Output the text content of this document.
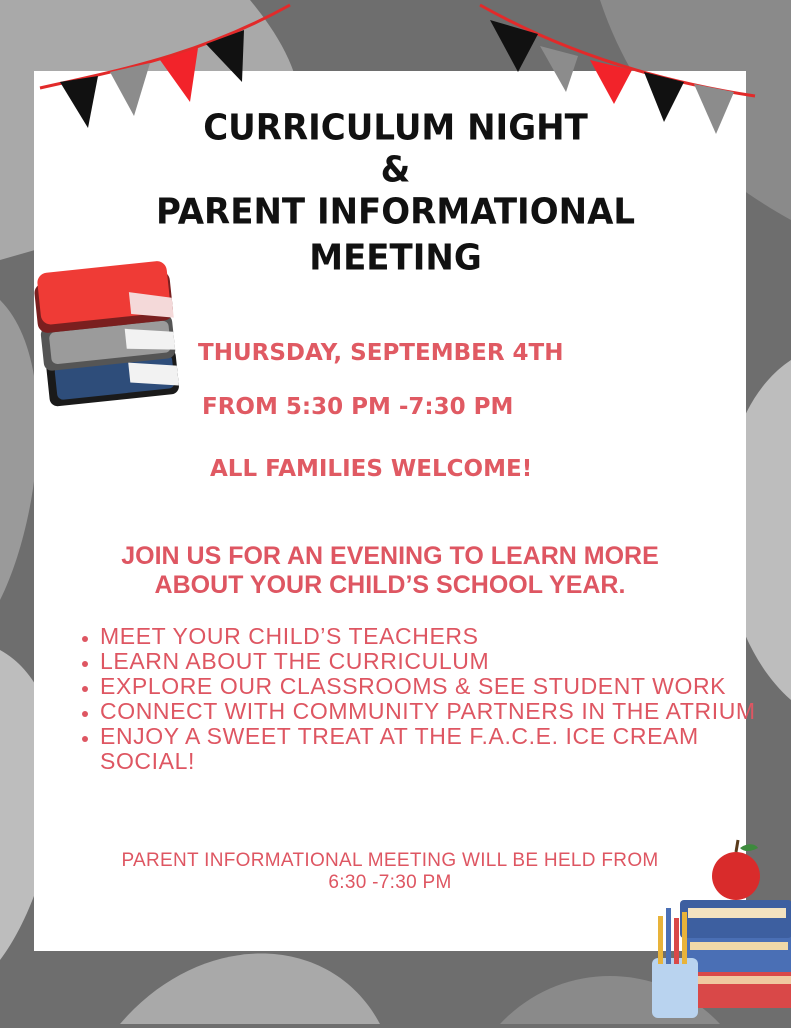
CURRICULUM NIGHT
&
PARENT INFORMATIONAL
MEETING
THURSDAY, SEPTEMBER 4TH
FROM 5:30 PM -7:30 PM
ALL FAMILIES WELCOME!
JOIN US FOR AN EVENING TO LEARN MORE
ABOUT YOUR CHILD’S SCHOOL YEAR.
• MEET YOUR CHILD’S TEACHERS
• LEARN ABOUT THE CURRICULUM
• EXPLORE OUR CLASSROOMS & SEE STUDENT WORK
• CONNECT WITH COMMUNITY PARTNERS IN THE ATRIUM
• ENJOY A SWEET TREAT AT THE F.A.C.E. ICE CREAM SOCIAL!
PARENT INFORMATIONAL MEETING WILL BE HELD FROM
6:30 -7:30 PM
